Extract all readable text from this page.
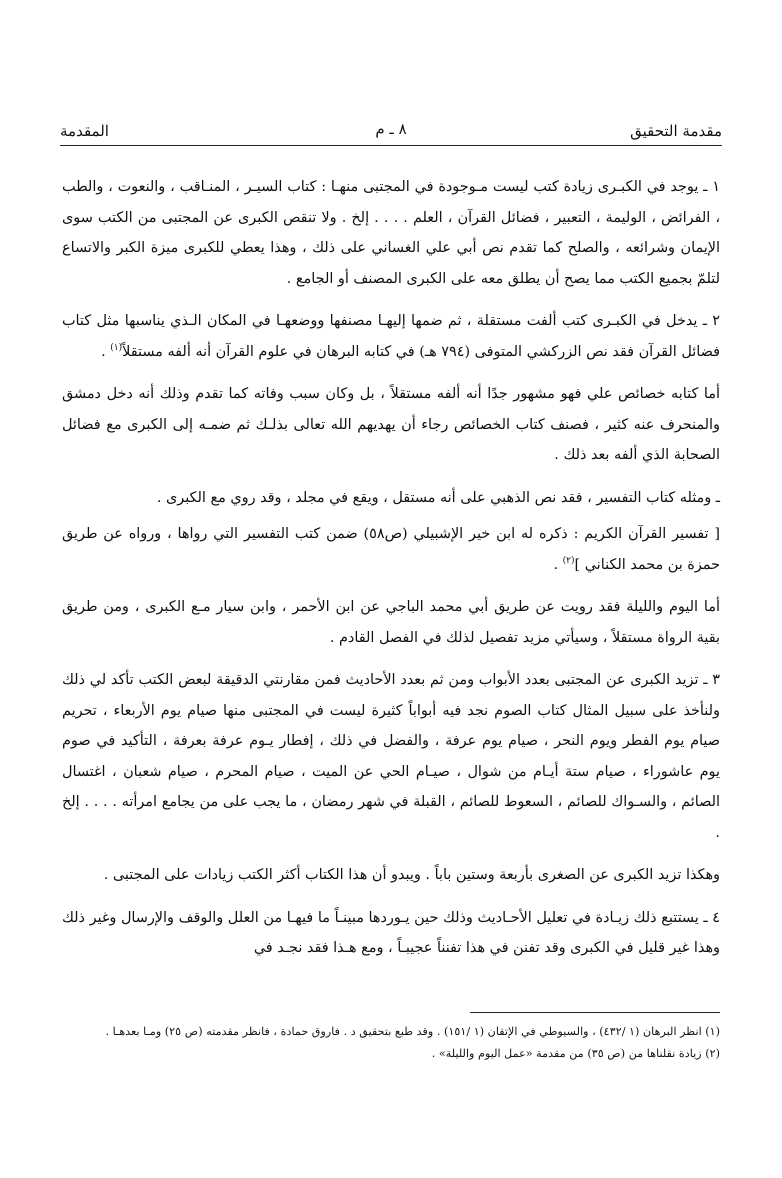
مقدمة التحقيق
٨ ـ م
المقدمة

١ ـ يوجد في الكبـرى زيادة كتب ليست مـوجودة في المجتبى منهـا : كتاب السيـر ، المنـاقب ، والنعوت ، والطب ، الفرائض ، الوليمة ، التعبير ، فضائل القرآن ، العلم . . . . إلخ . ولا تنقص الكبرى عن المجتبى من الكتب سوى الإيمان وشرائعه ، والصلح كما تقدم نص أبي علي الغساني على ذلك ، وهذا يعطي للكبرى ميزة الكبر والاتساع لتلمّ بجميع الكتب مما يصح أن يطلق معه على الكبرى المصنف أو الجامع .

٢ ـ يدخل في الكبـرى كتب ألفت مستقلة ، ثم ضمها إليهـا مصنفها ووضعهـا في المكان الـذي يناسبها مثل كتاب فضائل القرآن فقد نص الزركشي المتوفى (٧٩٤ هـ) في كتابه البرهان في علوم القرآن أنه ألفه مستقلاً$^{(١)}$ .

أما كتابه خصائص علي فهو مشهور جدًا أنه ألفه مستقلاً ، بل وكان سبب وفاته كما تقدم وذلك أنه دخل دمشق والمنحرف عنه كثير ، فصنف كتاب الخصائص رجاء أن يهديهم الله تعالى بذلـك ثم ضمـه إلى الكبرى مع فضائل الصحابة الذي ألفه بعد ذلك .

ـ ومثله كتاب التفسير ، فقد نص الذهبي على أنه مستقل ، ويقع في مجلد ، وقد روي مع الكبرى .

[ تفسير القرآن الكريم : ذكره له ابن خير الإشبيلي (ص٥٨) ضمن كتب التفسير التي رواها ، ورواه عن طريق حمزة بن محمد الكناني ]$^{(٢)}$ .

أما اليوم والليلة فقد رويت عن طريق أبي محمد الباجي عن ابن الأحمر ، وابن سيار مـع الكبرى ، ومن طريق بقية الرواة مستقلاً ، وسيأتي مزيد تفصيل لذلك في الفصل القادم .

٣ ـ تزيد الكبرى عن المجتبى بعدد الأبواب ومن ثم بعدد الأحاديث فمن مقارنتي الدقيقة لبعض الكتب تأكد لي ذلك ولنأخذ على سبيل المثال كتاب الصوم نجد فيه أبواباً كثيرة ليست في المجتبى منها صيام يوم الأربعاء ، تحريم صيام يوم الفطر ويوم النحر ، صيام يوم عرفة ، والفضل في ذلك ، إفطار يـوم عرفة بعرفة ، التأكيد في صوم يوم عاشوراء ، صيام ستة أيـام من شوال ، صيـام الحي عن الميت ، صيام المحرم ، صيام شعبان ، اغتسال الصائم ، والسـواك للصائم ، السعوط للصائم ، القبلة في شهر رمضان ، ما يجب على من يجامع امرأته . . . . إلخ .

وهكذا تزيد الكبرى عن الصغرى بأربعة وستين باباً . ويبدو أن هذا الكتاب أكثر الكتب زيادات على المجتبى .

٤ ـ يستتبع ذلك زيـادة في تعليل الأحـاديث وذلك حين يـوردها مبينـاً ما فيهـا من العلل والوقف والإرسال وغير ذلك وهذا غير قليل في الكبرى وقد تفنن في هذا تفنناً عجيبـاً ، ومع هـذا فقد نجـد في

(١) انظر البرهان (١ /٤٣٢) ، والسيوطي في الإتقان (١ /١٥١) . وقد طبع بتحقيق د . فاروق حمادة ، فانظر مقدمته (ص ٢٥) ومـا بعدهـا .
(٢) زيادة نقلناها من (ص ٣٥) من مقدمة «عمل اليوم والليلة» .
